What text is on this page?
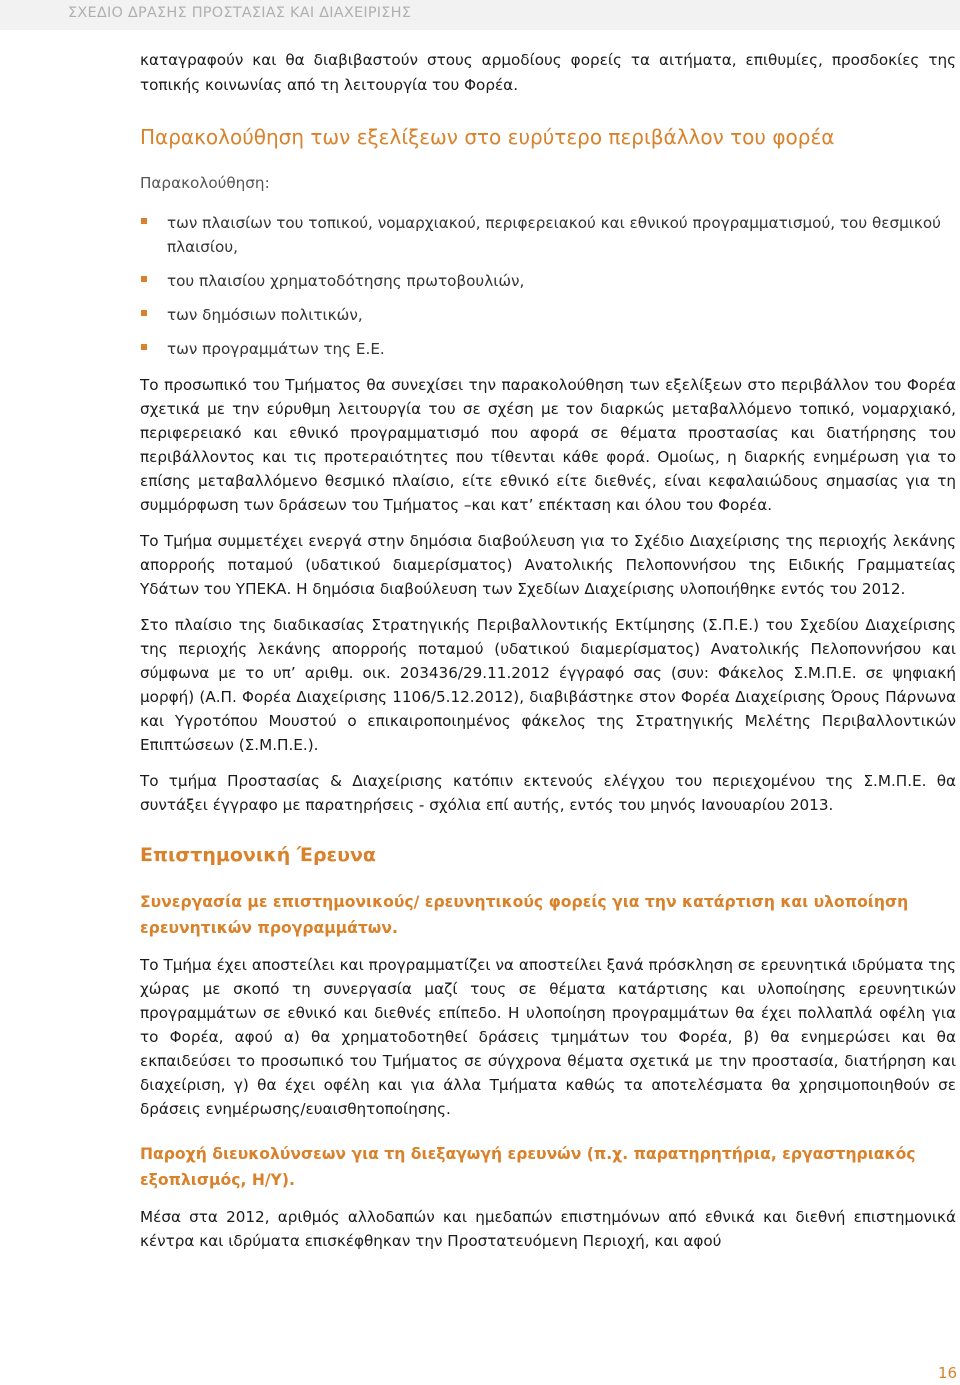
ΣΧΕΔΙΟ ΔΡΑΣΗΣ ΠΡΟΣΤΑΣΙΑΣ ΚΑΙ ΔΙΑΧΕΙΡΙΣΗΣ

καταγραφούν και θα διαβιβαστούν στους αρμοδίους φορείς τα αιτήματα, επιθυμίες, προσδοκίες της τοπικής κοινωνίας από τη λειτουργία του Φορέα.

Παρακολούθηση των εξελίξεων στο ευρύτερο περιβάλλον του φορέα

Παρακολούθηση:

των πλαισίων του τοπικού, νομαρχιακού, περιφερειακού και εθνικού προγραμματισμού, του θεσμικού πλαισίου,
του πλαισίου χρηματοδότησης πρωτοβουλιών,
των δημόσιων πολιτικών,
των προγραμμάτων της Ε.Ε.

Το προσωπικό του Τμήματος θα συνεχίσει την παρακολούθηση των εξελίξεων στο περιβάλλον του Φορέα σχετικά με την εύρυθμη λειτουργία του σε σχέση με τον διαρκώς μεταβαλλόμενο τοπικό, νομαρχιακό, περιφερειακό και εθνικό προγραμματισμό που αφορά σε θέματα προστασίας και διατήρησης του περιβάλλοντος και τις προτεραιότητες που τίθενται κάθε φορά. Ομοίως, η διαρκής ενημέρωση για το επίσης μεταβαλλόμενο θεσμικό πλαίσιο, είτε εθνικό είτε διεθνές, είναι κεφαλαιώδους σημασίας για τη συμμόρφωση των δράσεων του Τμήματος –και κατ’ επέκταση και όλου του Φορέα.

Το Τμήμα συμμετέχει ενεργά στην δημόσια διαβούλευση για το Σχέδιο Διαχείρισης της περιοχής λεκάνης απορροής ποταμού (υδατικού διαμερίσματος) Ανατολικής Πελοποννήσου της Ειδικής Γραμματείας Υδάτων του ΥΠΕΚΑ. Η δημόσια διαβούλευση των Σχεδίων Διαχείρισης υλοποιήθηκε εντός του 2012.

Στο πλαίσιο της διαδικασίας Στρατηγικής Περιβαλλοντικής Εκτίμησης (Σ.Π.Ε.) του Σχεδίου Διαχείρισης της περιοχής λεκάνης απορροής ποταμού (υδατικού διαμερίσματος) Ανατολικής Πελοποννήσου και σύμφωνα με το υπ’ αριθμ. οικ. 203436/29.11.2012 έγγραφό σας (συν: Φάκελος Σ.Μ.Π.Ε. σε ψηφιακή μορφή) (Α.Π. Φορέα Διαχείρισης 1106/5.12.2012), διαβιβάστηκε στον Φορέα Διαχείρισης Όρους Πάρνωνα και Υγροτόπου Μουστού ο επικαιροποιημένος φάκελος της Στρατηγικής Μελέτης Περιβαλλοντικών Επιπτώσεων (Σ.Μ.Π.Ε.).

Το τμήμα Προστασίας & Διαχείρισης κατόπιν εκτενούς ελέγχου του περιεχομένου της Σ.Μ.Π.Ε. θα συντάξει έγγραφο με παρατηρήσεις - σχόλια επί αυτής, εντός του μηνός Ιανουαρίου 2013.

Επιστημονική Έρευνα
Συνεργασία με επιστημονικούς/ ερευνητικούς φορείς για την κατάρτιση και υλοποίηση ερευνητικών προγραμμάτων.

Το Τμήμα έχει αποστείλει και προγραμματίζει να αποστείλει ξανά πρόσκληση σε ερευνητικά ιδρύματα της χώρας με σκοπό τη συνεργασία μαζί τους σε θέματα κατάρτισης και υλοποίησης ερευνητικών προγραμμάτων σε εθνικό και διεθνές επίπεδο. Η υλοποίηση προγραμμάτων θα έχει πολλαπλά οφέλη για το Φορέα, αφού α) θα χρηματοδοτηθεί δράσεις τμημάτων του Φορέα, β) θα ενημερώσει και θα εκπαιδεύσει το προσωπικό του Τμήματος σε σύγχρονα θέματα σχετικά με την προστασία, διατήρηση και διαχείριση, γ) θα έχει οφέλη και για άλλα Τμήματα καθώς τα αποτελέσματα θα χρησιμοποιηθούν σε δράσεις ενημέρωσης/ευαισθητοποίησης.

Παροχή διευκολύνσεων για τη διεξαγωγή ερευνών (π.χ. παρατηρητήρια, εργαστηριακός εξοπλισμός, Η/Υ).

Μέσα στα 2012, αριθμός αλλοδαπών και ημεδαπών επιστημόνων από εθνικά και διεθνή επιστημονικά κέντρα και ιδρύματα επισκέφθηκαν την Προστατευόμενη Περιοχή, και αφού

16
